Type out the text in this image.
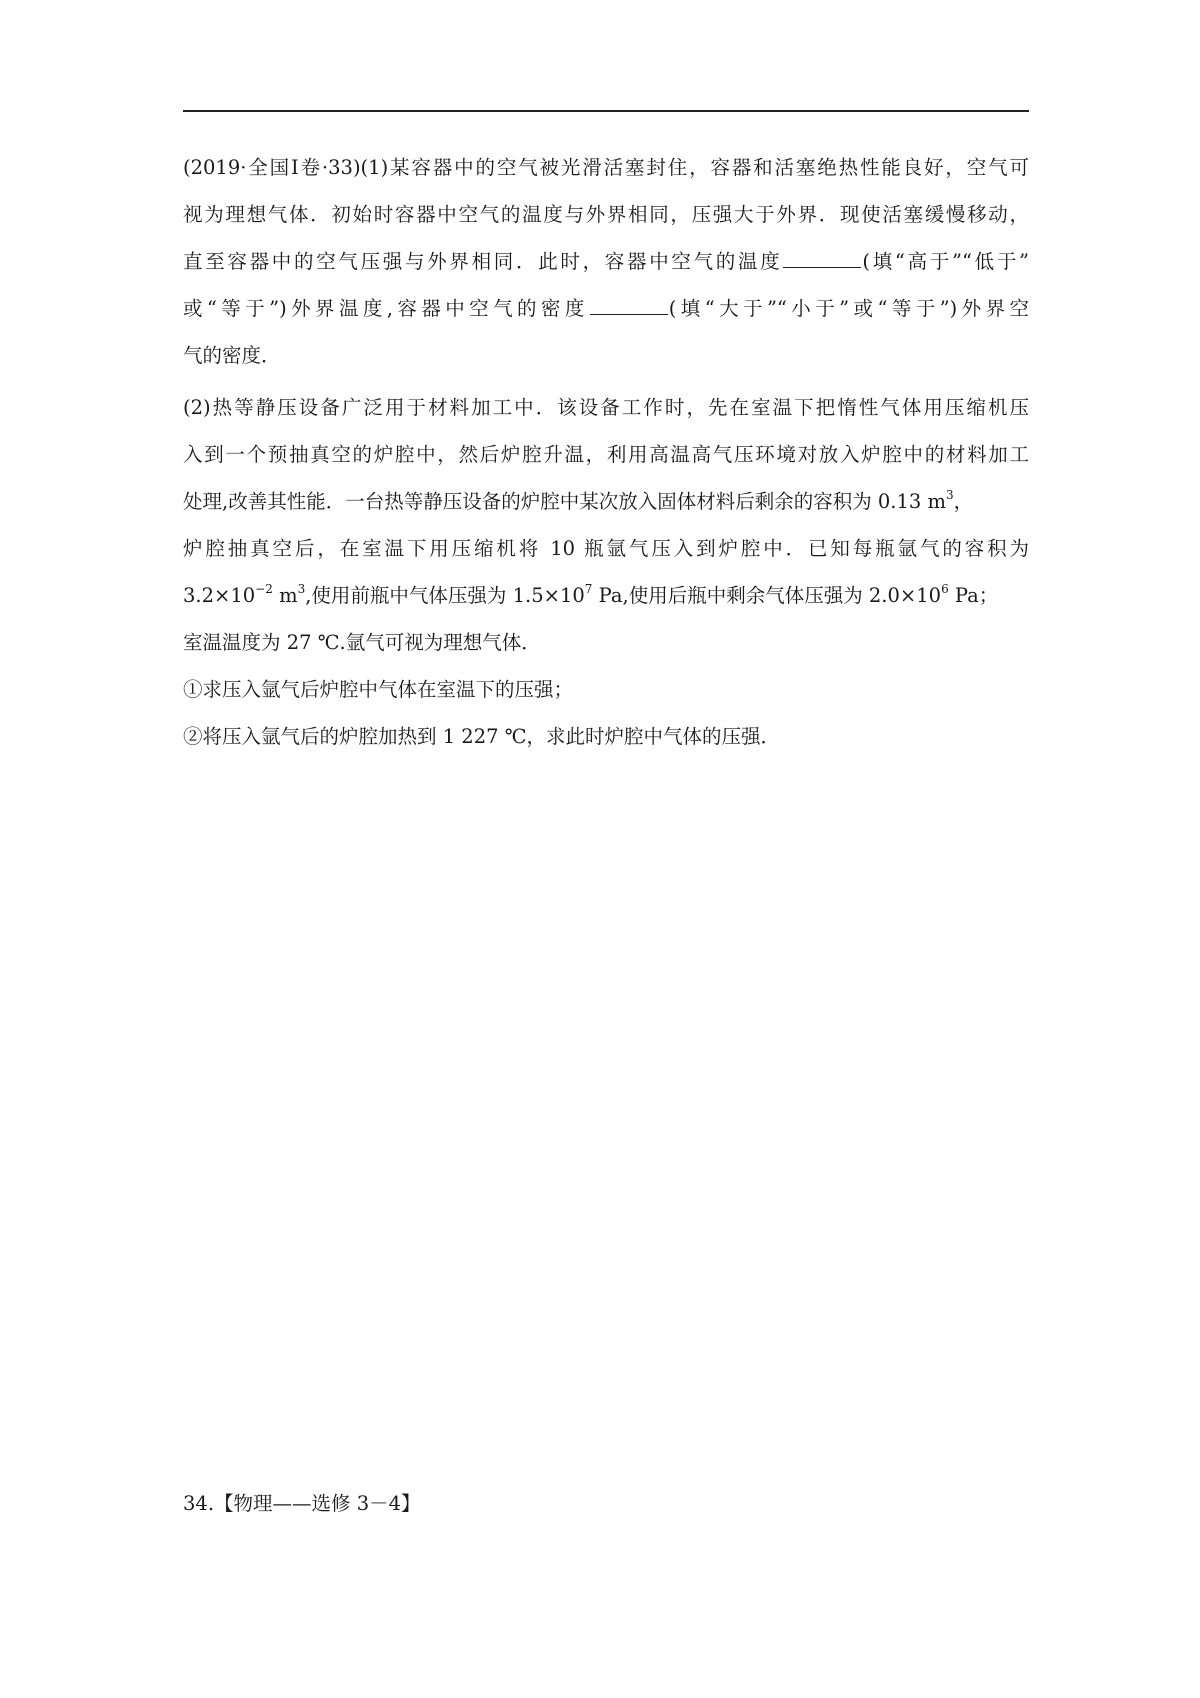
(2019·全国Ⅰ卷·33)(1)某容器中的空气被光滑活塞封住，容器和活塞绝热性能良好，空气可
视为理想气体．初始时容器中空气的温度与外界相同，压强大于外界．现使活塞缓慢移动，
直至容器中的空气压强与外界相同．此时，容器中空气的温度	(填“高于”“低于”
或“等于”)外界温度,容器中空气的密度	(填“大于”“小于”或“等于”)外界空
气的密度．
(2)热等静压设备广泛用于材料加工中．该设备工作时，先在室温下把惰性气体用压缩机压
入到一个预抽真空的炉腔中，然后炉腔升温，利用高温高气压环境对放入炉腔中的材料加工
处理,改善其性能．一台热等静压设备的炉腔中某次放入固体材料后剩余的容积为 0.13 $m^3$，
炉腔抽真空后，在室温下用压缩机将 10 瓶氩气压入到炉腔中．已知每瓶氩气的容积为
$3.2\times 10^{-2}$ $m^3$,使用前瓶中气体压强为 $1.5\times 10^7$ Pa,使用后瓶中剩余气体压强为 $2.0\times 10^6$ Pa；
室温温度为 27 ℃.氩气可视为理想气体．
①求压入氩气后炉腔中气体在室温下的压强；
②将压入氩气后的炉腔加热到 1 227 ℃，求此时炉腔中气体的压强．
34.【物理——选修 3－4】
